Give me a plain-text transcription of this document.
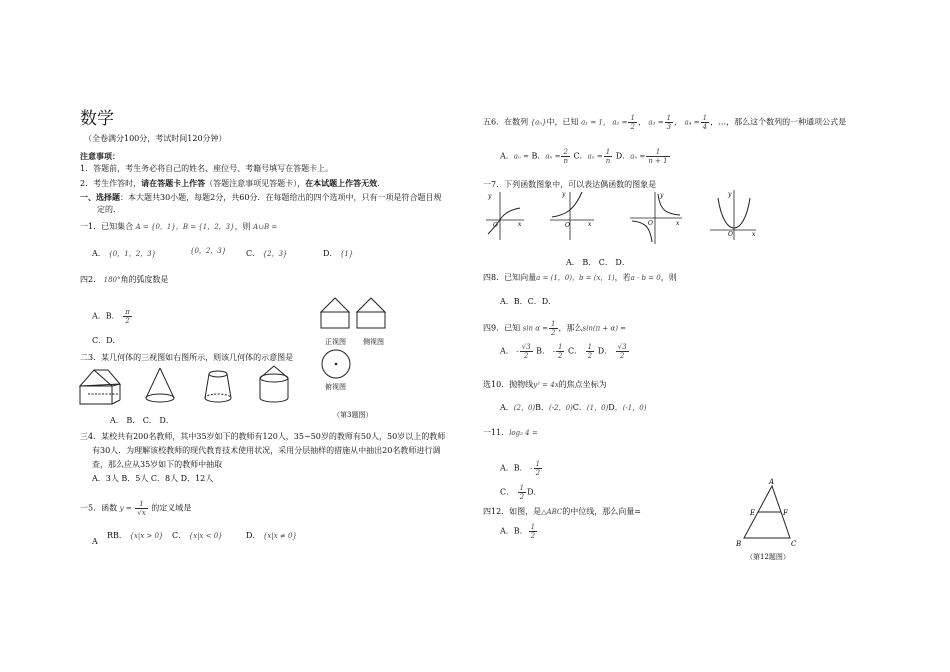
数学
（全卷满分100分，考试时间120分钟）
注意事项：
1．答题前，考生务必将自己的姓名、座位号、考籍号填写在答题卡上。
2．考生作答时，请在答题卡上作答（答题注意事项见答题卡），在本试题上作答无效.
一、选择题：本大题共30小题，每题2分，共60分．在每题给出的四个选项中，只有一项是符合题目规
定的．
一1．已知集合 A = {0，1}，B = {1，2，3}，则 A∪B =
A． {0，1，2，3}	{0，2，3} C． {2，3}	D． {1}
四2． 180°角的弧度数是
A．B． $\frac{\pi}{2}$
C．D．	正视图 侧视图
俯视图
二3．某几何体的三视图如右图所示，则该几何体的示意图是
A． B． C． D．
（第3题图）
三4．某校共有200名教师，其中35岁如下的教师有120人，35~50岁的教师有50人，50岁以上的教师
有30人．为理解该校教师的现代教育技术使用状况，采用分层抽样的措施从中抽出20名教师进行调
查，那么应从35岁如下的教师中抽取
A．3人 B．5人 C．8人 D．12人
一5．函数 $y = \frac{1}{√x}$ 的定义域是
A
RB． {x|x > 0} C． {x|x < 0}	D． {x|x ≠ 0}
五6．在数列 {aₙ}中，已知 a₁ = 1， $a_2 = \frac{1}{2}$ ， $a_3 = \frac{1}{3}$ ， $a_4 = \frac{1}{4}$ ，…，那么这个数列的一种通项公式是
A．aₙ = B．$a_n = \frac{2}{n}$ C．$a_n = \frac{1}{n}$ D．$a_n = \frac{1}{n + 1}$
一7．下列函数图象中，可以表达偶函数的图象是
y
x
O
y
x
O
y
x
O
y
x
O
A． B． C． D．
四8．已知向量a = (1，0)，b = (x，1)，若a · b = 0，则
A．B．C．D．
四9．已知 $\sin \alpha = \frac{1}{2}$ ，那么sin(π + α) =
A． - $\frac{√3}{2}$ B． - $\frac{1}{2}$ C． $\frac{1}{2}$ D． $\frac{√3}{2}$
选10．抛物线y² = 4x的焦点坐标为
A．(2，0)B．(-2，0)C．(1，0)D．(-1，0)
一11．log₂ 4 =
A．B． - $\frac{1}{2}$
C． $\frac{1}{2}$ D．
四12．如图，是△ABC的中位线，那么向量=
A．B． $\frac{1}{2}$
A
E	F
B	C
（第12题图）
